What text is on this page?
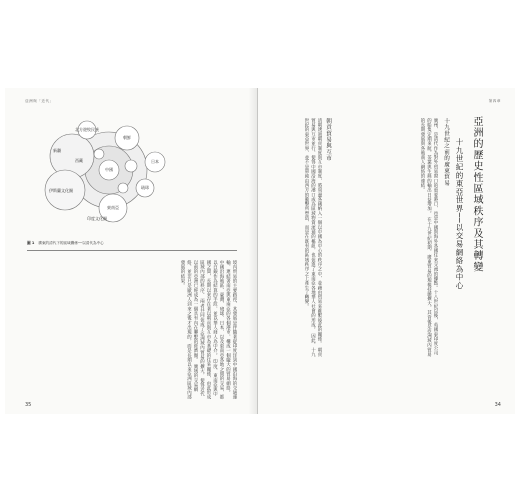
亞洲與「近代」
中國
北方遊牧民族
朝鮮
日本
琉球
新疆
西藏
伊斯蘭文化圈
東南亞
印度文化圈
圖 1 廣東的清代下的區域關係──以清代為中心
境內貿易的主要路徑，其發展是伴隨著從印度洋到中國沿海的交通運輸，連結著南亞與東南亞的各個港市，構成一個龐大的貿易網絡。 中國沿海地區、臺灣、琉球、日本，以及東南亞各地之間的交易，都以白銀作為結算的手段，並以華人商人為中介。 印度、東南亞與中國之間，長期以來存在著以朝貢與互市為基礎的往來關係，由此形成區域內部的秩序。 兩者共同促成了亞洲域內貿易的擴大，使得近代以前的亞洲已經成為一個具有內在聯繫的經濟圈。 廣域的交易網絡，並非只是歐洲人到來之後才出現的，而是長期以來亞洲區域內部發展的結果。
35
第四章
亞洲的歷史性區域秩序及其轉變
十九世紀的東亞世界──以交易網絡為中心
十九世紀之前的廣東貿易
廣州，是清代作為對外貿易窗口的重要港口，也是中國與海外各國往來交流的據點。十八世紀以後，英國東印度公司的船隻定期來航，茶葉與生絲的輸出日益增加。 在十九世紀初期，廣東貿易的規模持續擴大，其背後是亞洲域內貿易的長期發展與各地商人網絡的連結。
朝貢貿易與互市
清朝透過朝貢制度與互市制度，將周邊各國納入一個以中國為中心的秩序之中，並藉由貿易來維繫彼此的關係。 朝貢貿易與互市並行，使得中國沿海的港口成為區域物資流通的樞紐，也促進了東南亞各地華人社會的形成。 因此，十九世紀的東亞世界，並不是單純由西方的衝擊所塑造，而是在既有的區域秩序之上產生了轉變。
34
